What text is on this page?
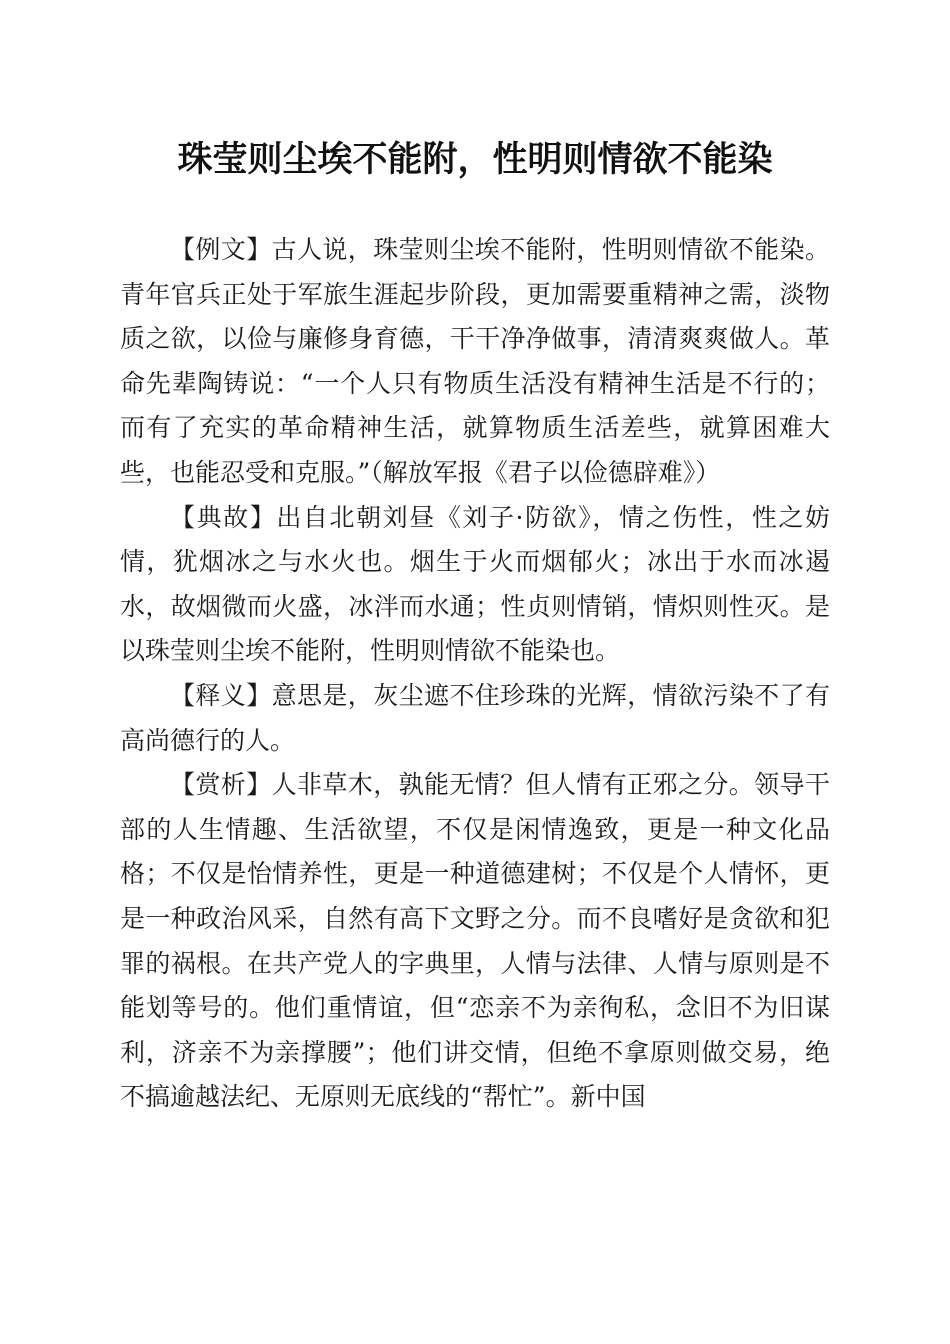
珠莹则尘埃不能附，性明则情欲不能染

【例文】古人说，珠莹则尘埃不能附，性明则情欲不能染。青年官兵正处于军旅生涯起步阶段，更加需要重精神之需，淡物质之欲，以俭与廉修身育德，干干净净做事，清清爽爽做人。革命先辈陶铸说：“一个人只有物质生活没有精神生活是不行的；而有了充实的革命精神生活，就算物质生活差些，就算困难大些，也能忍受和克服。”（解放军报《君子以俭德辟难》）

【典故】出自北朝刘昼《刘子·防欲》，情之伤性，性之妨情，犹烟冰之与水火也。烟生于火而烟郁火；冰出于水而冰遏水，故烟微而火盛，冰泮而水通；性贞则情销，情炽则性灭。是以珠莹则尘埃不能附，性明则情欲不能染也。

【释义】意思是，灰尘遮不住珍珠的光辉，情欲污染不了有高尚德行的人。

【赏析】人非草木，孰能无情？但人情有正邪之分。领导干部的人生情趣、生活欲望，不仅是闲情逸致，更是一种文化品格；不仅是怡情养性，更是一种道德建树；不仅是个人情怀，更是一种政治风采，自然有高下文野之分。而不良嗜好是贪欲和犯罪的祸根。在共产党人的字典里，人情与法律、人情与原则是不能划等号的。他们重情谊，但“恋亲不为亲徇私，念旧不为旧谋利，济亲不为亲撑腰”；他们讲交情，但绝不拿原则做交易，绝不搞逾越法纪、无原则无底线的“帮忙”。新中国
